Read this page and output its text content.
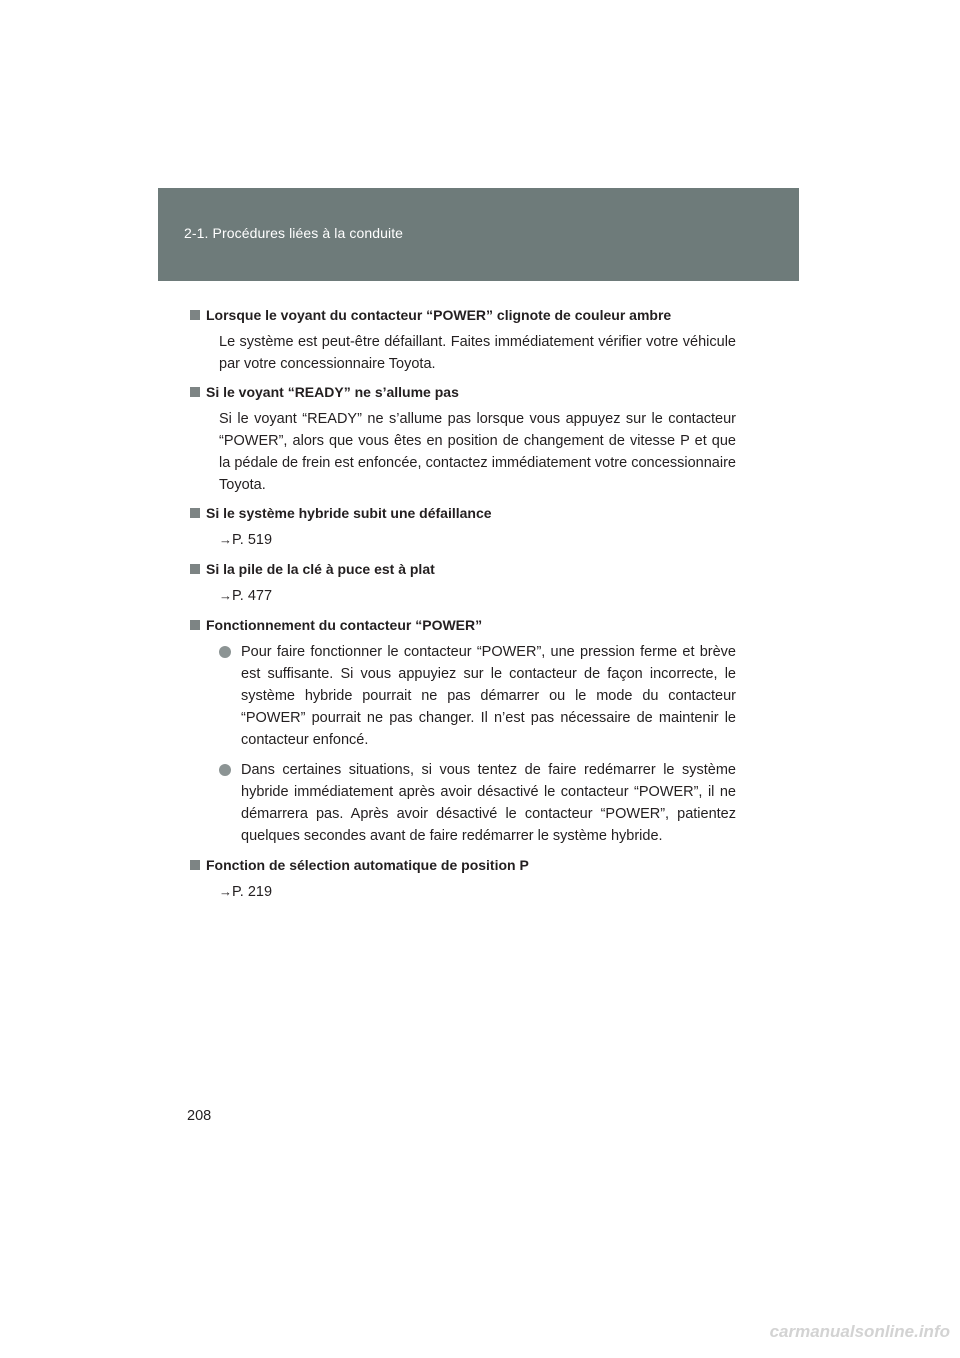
2-1. Procédures liées à la conduite
Lorsque le voyant du contacteur “POWER” clignote de couleur ambre
Le système est peut-être défaillant. Faites immédiatement vérifier votre véhicule par votre concessionnaire Toyota.
Si le voyant “READY” ne s’allume pas
Si le voyant “READY” ne s’allume pas lorsque vous appuyez sur le contacteur “POWER”, alors que vous êtes en position de changement de vitesse P et que la pédale de frein est enfoncée, contactez immédiatement votre concessionnaire Toyota.
Si le système hybride subit une défaillance
→P. 519
Si la pile de la clé à puce est à plat
→P. 477
Fonctionnement du contacteur “POWER”
Pour faire fonctionner le contacteur “POWER”, une pression ferme et brève est suffisante. Si vous appuyiez sur le contacteur de façon incorrecte, le système hybride pourrait ne pas démarrer ou le mode du contacteur “POWER” pourrait ne pas changer. Il n’est pas nécessaire de maintenir le contacteur enfoncé.
Dans certaines situations, si vous tentez de faire redémarrer le système hybride immédiatement après avoir désactivé le contacteur “POWER”, il ne démarrera pas. Après avoir désactivé le contacteur “POWER”, patientez quelques secondes avant de faire redémarrer le système hybride.
Fonction de sélection automatique de position P
→P. 219
208
carmanualsonline.info
